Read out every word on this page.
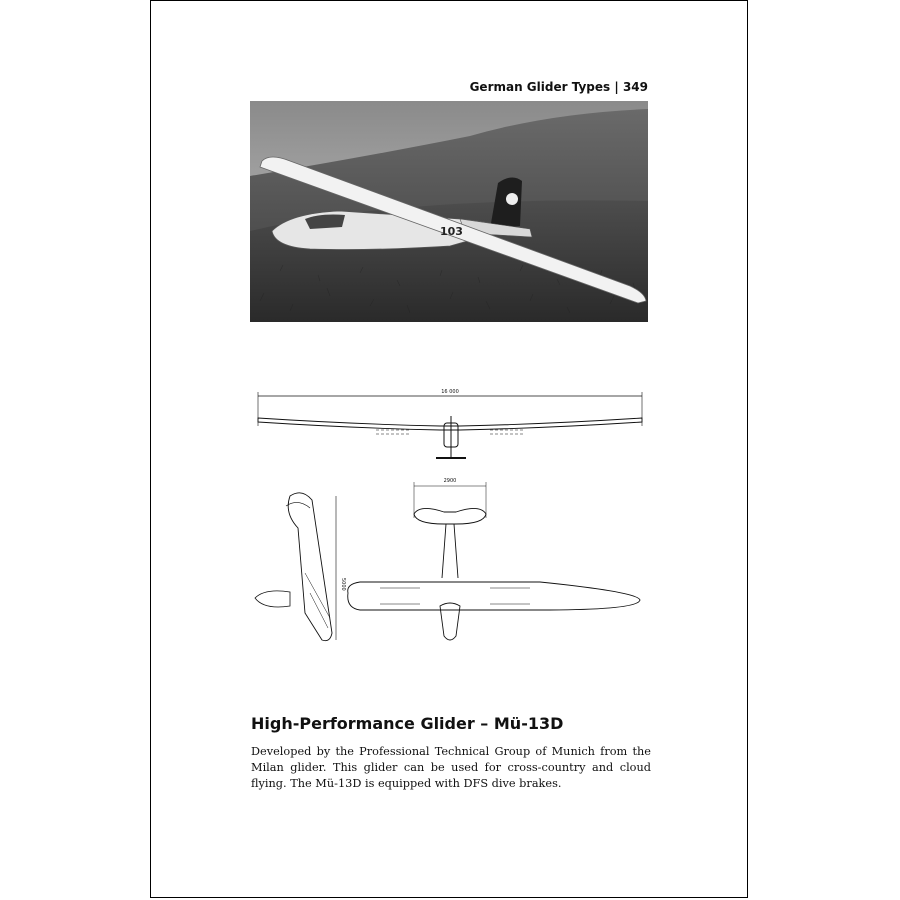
German Glider Types | 349
103
16 000
5000
2900
High-Performance Glider – Mü-13D

Developed by the Professional Technical Group of Munich from the Milan glider. This glider can be used for cross-country and cloud flying. The Mü-13D is equipped with DFS dive brakes.
